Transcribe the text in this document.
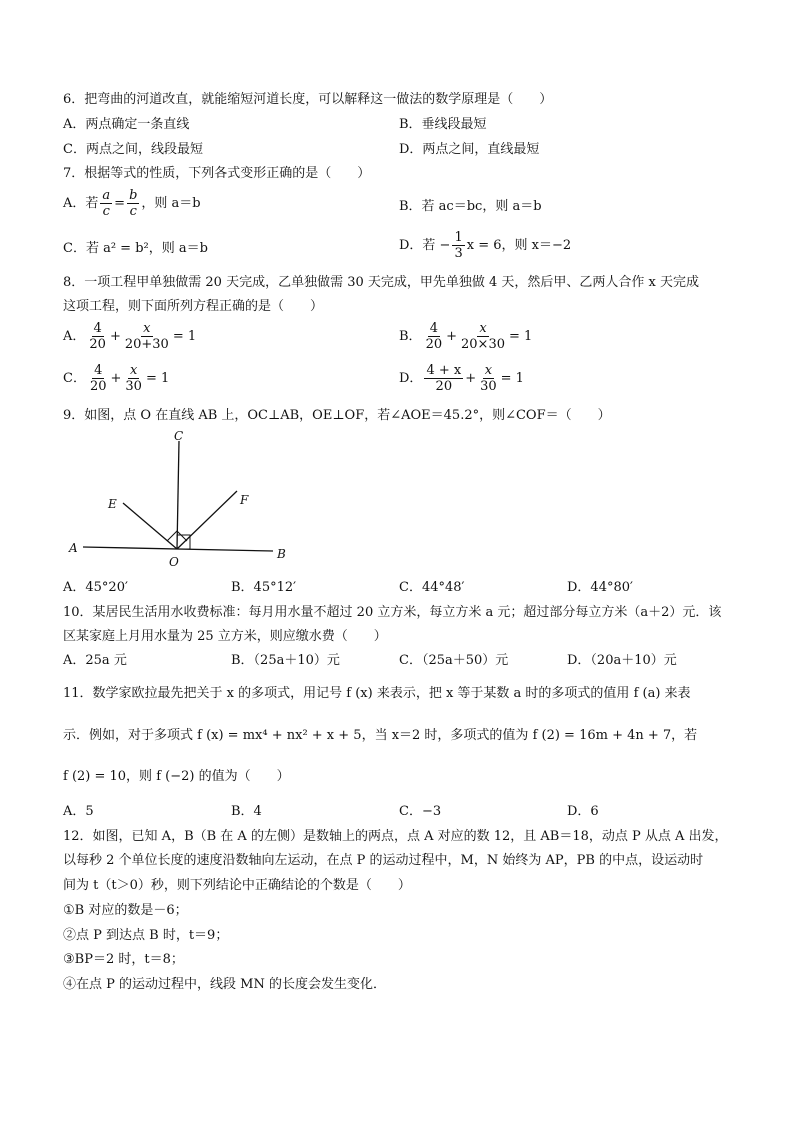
6．把弯曲的河道改直，就能缩短河道长度，可以解释这一做法的数学原理是（　　）
A．两点确定一条直线	B．垂线段最短
C．两点之间，线段最短	D．两点之间，直线最短
7．根据等式的性质，下列各式变形正确的是（　　）
A．若 $\frac{a}{c} = \frac{b}{c}$ ，则 a＝b	B．若 ac＝bc，则 a＝b
C．若 a² = b²，则 a＝b	D．若 − $\frac{1}{3}$ x = 6，则 x＝−2
8．一项工程甲单独做需 20 天完成，乙单独做需 30 天完成，甲先单独做 4 天，然后甲、乙两人合作 x 天完成
这项工程，则下面所列方程正确的是（　　）
A． $\frac{4}{20} + \frac{x}{20+30} = 1$	B． $\frac{4}{20} + \frac{x}{20\times 30} = 1$
C． $\frac{4}{20} + \frac{x}{30} = 1$	D． $\frac{4 + x}{20} + \frac{x}{30} = 1$
9．如图，点 O 在直线 AB 上，OC⊥AB，OE⊥OF，若∠AOE＝45.2°，则∠COF＝（　　）
C
E	F
A
O
B
A．45°20′	B．45°12′	C．44°48′	D．44°80′
10．某居民生活用水收费标准：每月用水量不超过 20 立方米，每立方米 a 元；超过部分每立方米（a＋2）元．该
区某家庭上月用水量为 25 立方米，则应缴水费（　　）
A．25a 元	B．（25a＋10）元	C．（25a＋50）元	D．（20a＋10）元
11．数学家欧拉最先把关于 x 的多项式，用记号 f (x) 来表示，把 x 等于某数 a 时的多项式的值用 f (a) 来表
示．例如，对于多项式 f (x) = mx⁴ + nx² + x + 5，当 x＝2 时，多项式的值为 f (2) = 16m + 4n + 7，若
f (2) = 10，则 f (−2) 的值为（　　）
A．5	B．4	C．−3	D．6
12．如图，已知 A，B（B 在 A 的左侧）是数轴上的两点，点 A 对应的数 12，且 AB＝18，动点 P 从点 A 出发，
以每秒 2 个单位长度的速度沿数轴向左运动，在点 P 的运动过程中，M，N 始终为 AP，PB 的中点，设运动时
间为 t（t＞0）秒，则下列结论中正确结论的个数是（　　）
①B 对应的数是－6；
②点 P 到达点 B 时，t＝9；
③BP＝2 时，t＝8；
④在点 P 的运动过程中，线段 MN 的长度会发生变化．
